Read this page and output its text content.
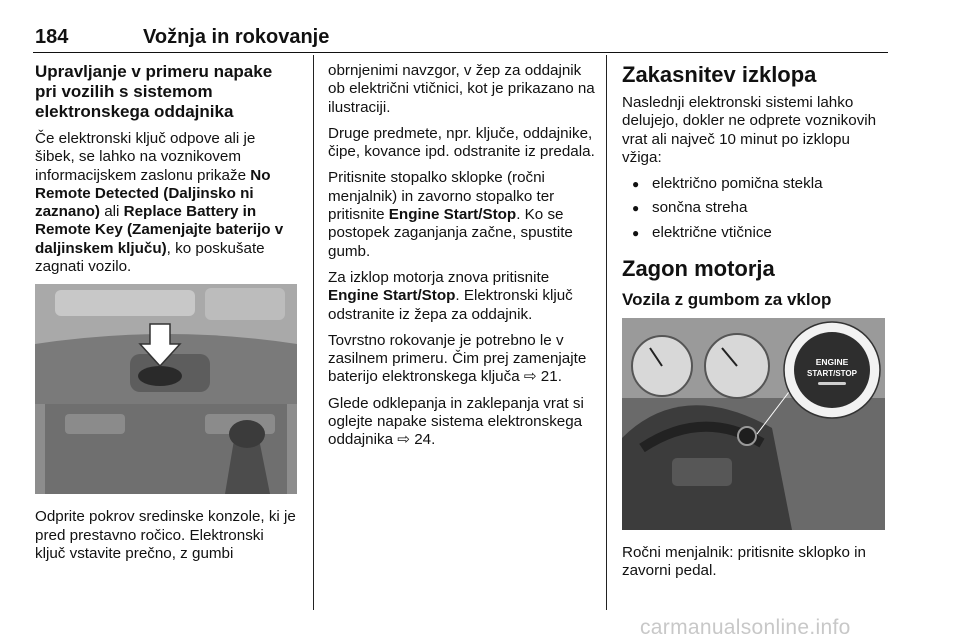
184	Vožnja in rokovanje
Upravljanje v primeru napake pri vozilih s sistemom elektronskega oddajnika

Če elektronski ključ odpove ali je šibek, se lahko na voznikovem informacijskem zaslonu prikaže No Remote Detected (Daljinsko ni zaznano) ali Replace Battery in Remote Key (Zamenjajte baterijo v daljinskem ključu), ko poskušate zagnati vozilo.

Odprite pokrov sredinske konzole, ki je pred prestavno ročico. Elektronski ključ vstavite prečno, z gumbi

obrnjenimi navzgor, v žep za oddajnik ob električni vtičnici, kot je prikazano na ilustraciji.

Druge predmete, npr. ključe, oddajnike, čipe, kovance ipd. odstranite iz predala.

Pritisnite stopalko sklopke (ročni menjalnik) in zavorno stopalko ter pritisnite Engine Start/Stop. Ko se postopek zaganjanja začne, spustite gumb.

Za izklop motorja znova pritisnite Engine Start/Stop. Elektronski ključ odstranite iz žepa za oddajnik.

Tovrstno rokovanje je potrebno le v zasilnem primeru. Čim prej zamenjajte baterijo elektronskega ključa ⇨ 21.

Glede odklepanja in zaklepanja vrat si oglejte napake sistema elektronskega oddajnika ⇨ 24.

Zakasnitev izklopa

Naslednji elektronski sistemi lahko delujejo, dokler ne odprete voznikovih vrat ali največ 10 minut po izklopu vžiga:

● električno pomična stekla
● sončna streha
● električne vtičnice
Zagon motorja
Vozila z gumbom za vklop
ENGINE
START/STOP

Ročni menjalnik: pritisnite sklopko in zavorni pedal.

carmanualsonline.info
